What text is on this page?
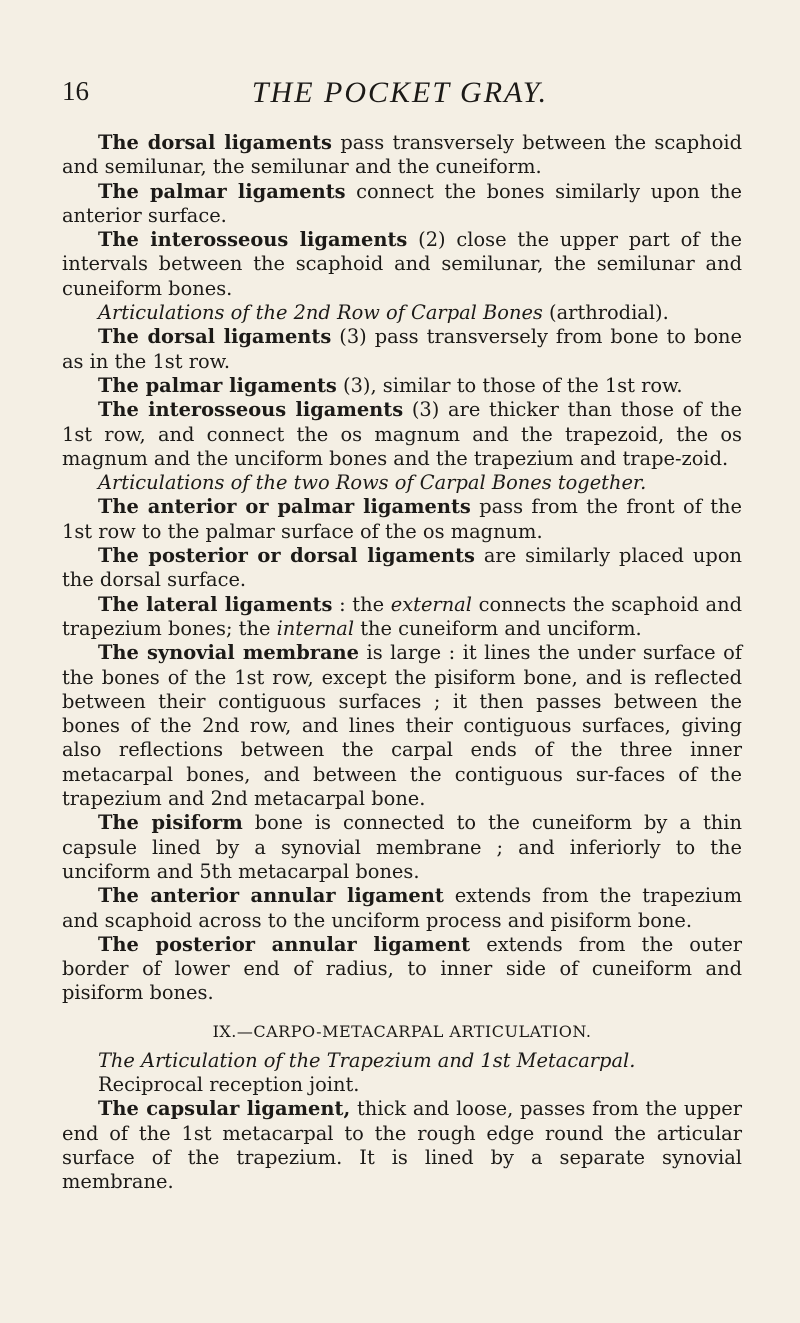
16	THE POCKET GRAY.

The dorsal ligaments pass transversely between the scaphoid and semilunar, the semilunar and the cuneiform.

The palmar ligaments connect the bones similarly upon the anterior surface.

The interosseous ligaments (2) close the upper part of the intervals between the scaphoid and semilunar, the semilunar and cuneiform bones.

Articulations of the 2nd Row of Carpal Bones (arthrodial).

The dorsal ligaments (3) pass transversely from bone to bone as in the 1st row.

The palmar ligaments (3), similar to those of the 1st row.

The interosseous ligaments (3) are thicker than those of the 1st row, and connect the os magnum and the trapezoid, the os magnum and the unciform bones and the trapezium and trape-zoid.

Articulations of the two Rows of Carpal Bones together.

The anterior or palmar ligaments pass from the front of the 1st row to the palmar surface of the os magnum.

The posterior or dorsal ligaments are similarly placed upon the dorsal surface.

The lateral ligaments : the external connects the scaphoid and trapezium bones; the internal the cuneiform and unciform.

The synovial membrane is large : it lines the under surface of the bones of the 1st row, except the pisiform bone, and is reflected between their contiguous surfaces ; it then passes between the bones of the 2nd row, and lines their contiguous surfaces, giving also reflections between the carpal ends of the three inner metacarpal bones, and between the contiguous sur-faces of the trapezium and 2nd metacarpal bone.

The pisiform bone is connected to the cuneiform by a thin capsule lined by a synovial membrane ; and inferiorly to the unciform and 5th metacarpal bones.

The anterior annular ligament extends from the trapezium and scaphoid across to the unciform process and pisiform bone.

The posterior annular ligament extends from the outer border of lower end of radius, to inner side of cuneiform and pisiform bones.

IX.—CARPO-METACARPAL ARTICULATION.

The Articulation of the Trapezium and 1st Metacarpal.

Reciprocal reception joint.

The capsular ligament, thick and loose, passes from the upper end of the 1st metacarpal to the rough edge round the articular surface of the trapezium. It is lined by a separate synovial membrane.
